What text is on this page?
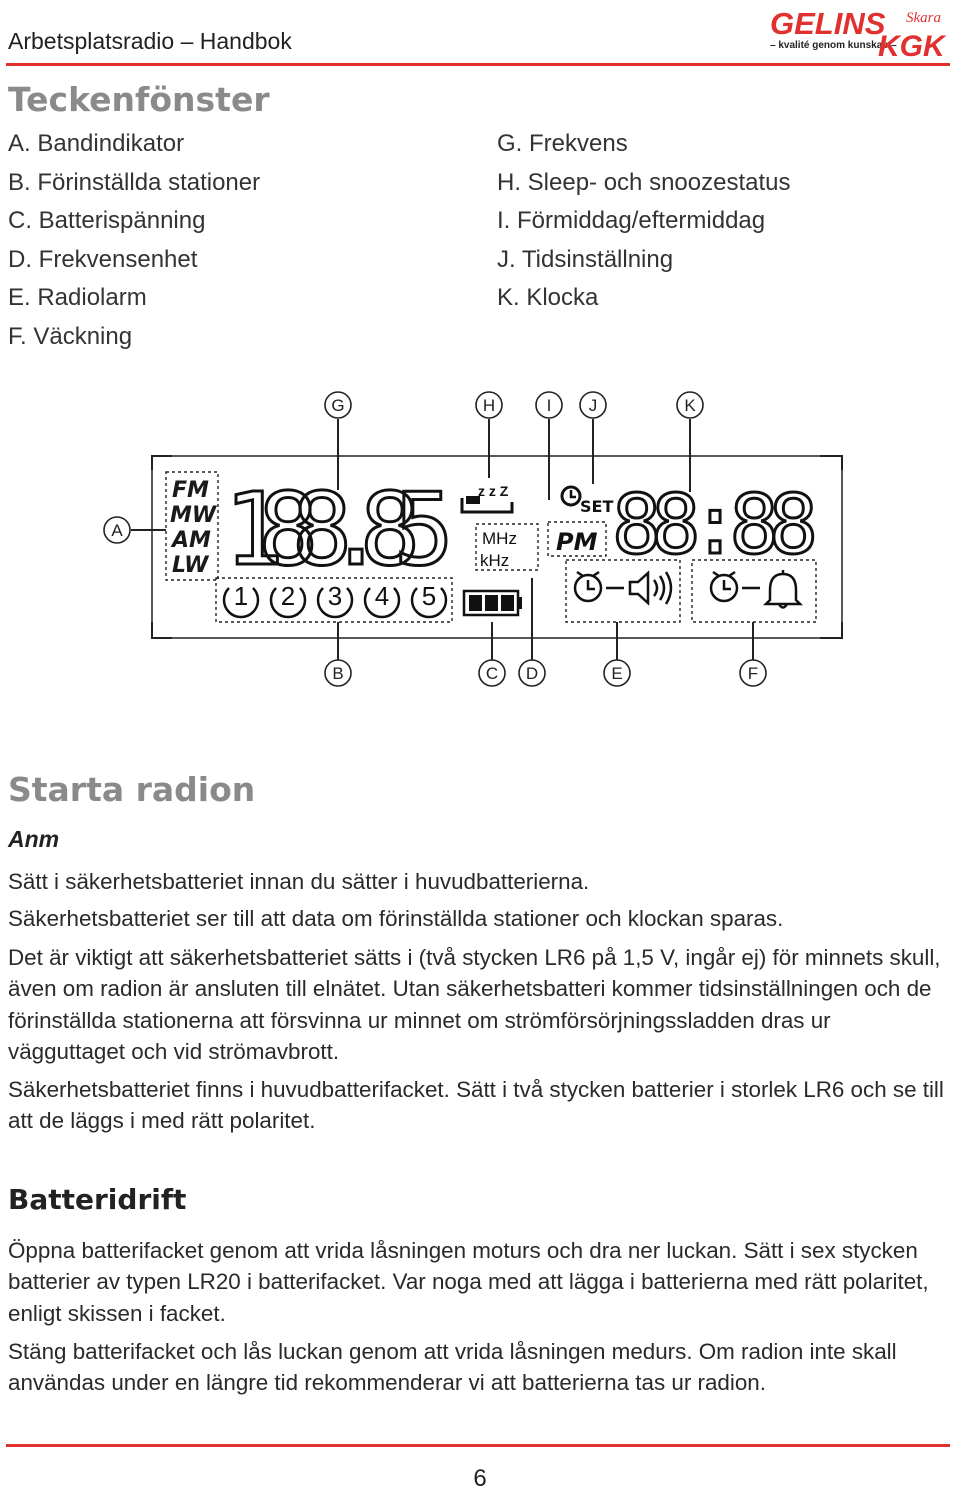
Arbetsplatsradio – Handbok	GELINS Skara
– kvalité genom kunskap –
KGK
Teckenfönster
A. Bandindikator
B. Förinställda stationer
C. Batterispänning
D. Frekvensenhet
E. Radiolarm
F. Väckning
G. Frekvens
H. Sleep- och snoozestatus
I. Förmiddag/eftermiddag
J. Tidsinställning
K. Klocka
G	H	I J	K
A
B	C D	E	F
FM
MW
AM
LW 188.85 MHz
kHz
z z Z
SET
PM 88:88
1 2 3 4 5
Starta radion
Anm

Sätt i säkerhetsbatteriet innan du sätter i huvudbatterierna.

Säkerhetsbatteriet ser till att data om förinställda stationer och klockan sparas.

Det är viktigt att säkerhetsbatteriet sätts i (två stycken LR6 på 1,5 V, ingår ej) för minnets skull, även om radion är ansluten till elnätet. Utan säkerhetsbatteri kommer tidsinställningen och de förinställda stationerna att försvinna ur minnet om strömförsörjningssladden dras ur vägguttaget och vid strömavbrott.

Säkerhetsbatteriet finns i huvudbatterifacket. Sätt i två stycken batterier i storlek LR6 och se till att de läggs i med rätt polaritet.

Batteridrift

Öppna batterifacket genom att vrida låsningen moturs och dra ner luckan. Sätt i sex stycken batterier av typen LR20 i batterifacket. Var noga med att lägga i batterierna med rätt polaritet, enligt skissen i facket.

Stäng batterifacket och lås luckan genom att vrida låsningen medurs. Om radion inte skall användas under en längre tid rekommenderar vi att batterierna tas ur radion.

6
